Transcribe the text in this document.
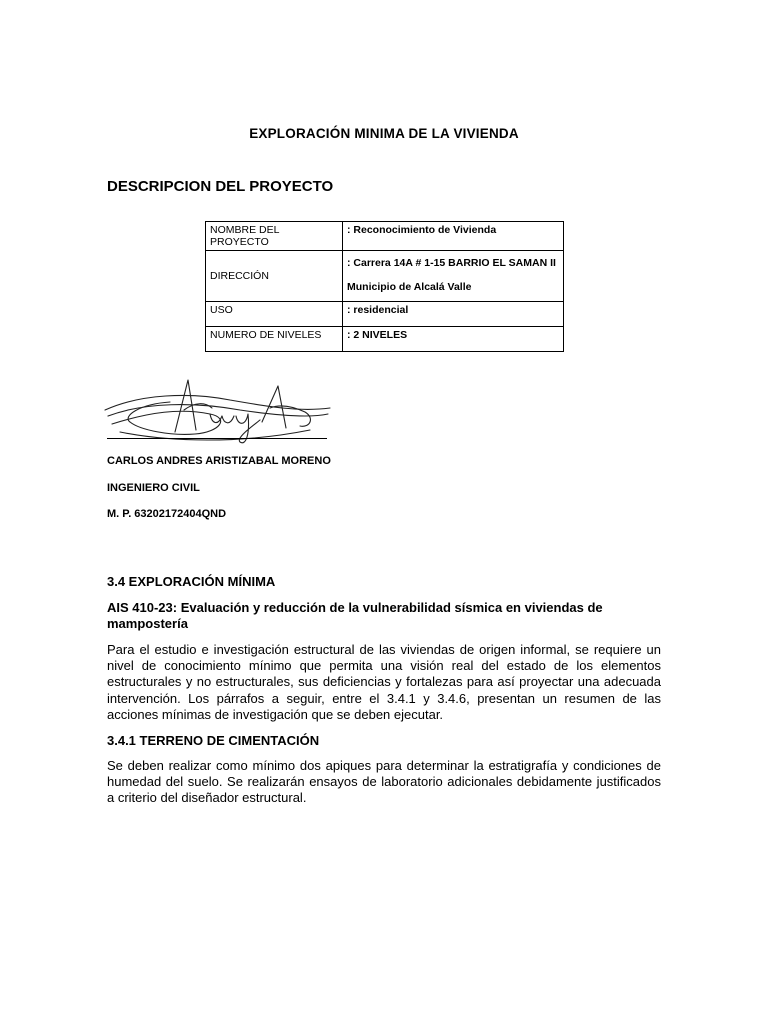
EXPLORACIÓN MINIMA DE LA VIVIENDA
DESCRIPCION DEL PROYECTO
NOMBRE DEL PROYECTO	: Reconocimiento de Vivienda
DIRECCIÓN	: Carrera 14A # 1-15 BARRIO EL SAMAN II
Municipio de Alcalá Valle

USO	: residencial
NUMERO DE NIVELES	: 2 NIVELES
CARLOS ANDRES ARISTIZABAL MORENO
INGENIERO CIVIL
M. P. 63202172404QND
3.4 EXPLORACIÓN MÍNIMA
AIS 410-23: Evaluación y reducción de la vulnerabilidad sísmica en viviendas de mampostería
Para el estudio e investigación estructural de las viviendas de origen informal, se requiere un nivel de conocimiento mínimo que permita una visión real del estado de los elementos estructurales y no estructurales, sus deficiencias y fortalezas para así proyectar una adecuada intervención. Los párrafos a seguir, entre el 3.4.1 y 3.4.6, presentan un resumen de las acciones mínimas de investigación que se deben ejecutar.
3.4.1 TERRENO DE CIMENTACIÓN
Se deben realizar como mínimo dos apiques para determinar la estratigrafía y condiciones de humedad del suelo. Se realizarán ensayos de laboratorio adicionales debidamente justificados a criterio del diseñador estructural.
